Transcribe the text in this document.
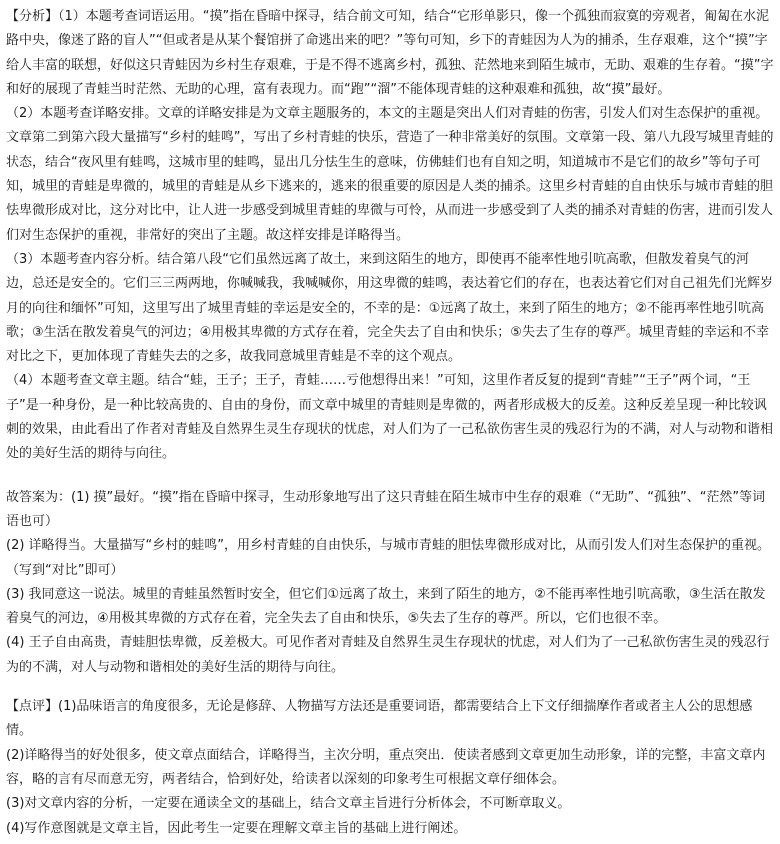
【分析】（1）本题考查词语运用。“摸”指在昏暗中探寻，结合前文可知，结合“它形单影只，像一个孤独而寂寞的旁观者，匍匐在水泥路中央，像迷了路的盲人”“但或者是从某个餐馆拼了命逃出来的吧？”等句可知，乡下的青蛙因为人为的捕杀，生存艰难，这个“摸”字给人丰富的联想，好似这只青蛙因为乡村生存艰难，于是不得不逃离乡村，孤独、茫然地来到陌生城市，无助、艰难的生存着。“摸”字和好的展现了青蛙当时茫然、无助的心理，富有表现力。而“跑”“溜”不能体现青蛙的这种艰难和孤独，故“摸”最好。

（2）本题考查详略安排。文章的详略安排是为文章主题服务的，本文的主题是突出人们对青蛙的伤害，引发人们对生态保护的重视。文章第二到第六段大量描写“乡村的蛙鸣”，写出了乡村青蛙的快乐，营造了一种非常美好的氛围。文章第一段、第八九段写城里青蛙的状态，结合“夜风里有蛙鸣，这城市里的蛙鸣，显出几分怯生生的意味，仿佛蛙们也有自知之明，知道城市不是它们的故乡”等句子可知，城里的青蛙是卑微的，城里的青蛙是从乡下逃来的，逃来的很重要的原因是人类的捕杀。这里乡村青蛙的自由快乐与城市青蛙的胆怯卑微形成对比，这分对比中，让人进一步感受到城里青蛙的卑微与可怜，从而进一步感受到了人类的捕杀对青蛙的伤害，进而引发人们对生态保护的重视，非常好的突出了主题。故这样安排是详略得当。

（3）本题考查内容分析。结合第八段“它们虽然远离了故土，来到这陌生的地方，即使再不能率性地引吭高歌，但散发着臭气的河边，总还是安全的。它们三三两两地，你喊喊我，我喊喊你，用这卑微的蛙鸣，表达着它们的存在，也表达着它们对自己祖先们光辉岁月的向往和缅怀”可知，这里写出了城里青蛙的幸运是安全的，不幸的是：①远离了故土，来到了陌生的地方；②不能再率性地引吭高歌；③生活在散发着臭气的河边；④用极其卑微的方式存在着，完全失去了自由和快乐；⑤失去了生存的尊严。城里青蛙的幸运和不幸对比之下，更加体现了青蛙失去的之多，故我同意城里青蛙是不幸的这个观点。

（4）本题考查文章主题。结合“蛙，王子；王子，青蛙……亏他想得出来！”可知，这里作者反复的提到“青蛙”“王子”两个词，“王子”是一种身份，是一种比较高贵的、自由的身份，而文章中城里的青蛙则是卑微的，两者形成极大的反差。这种反差呈现一种比较讽刺的效果，由此看出了作者对青蛙及自然界生灵生存现状的忧虑，对人们为了一己私欲伤害生灵的残忍行为的不满，对人与动物和谐相处的美好生活的期待与向往。

故答案为：(1) 摸”最好。“摸”指在昏暗中探寻，生动形象地写出了这只青蛙在陌生城市中生存的艰难（“无助”、“孤独”、“茫然”等词语也可）

(2) 详略得当。大量描写“乡村的蛙鸣”，用乡村青蛙的自由快乐，与城市青蛙的胆怯卑微形成对比，从而引发人们对生态保护的重视。（写到“对比”即可）

(3) 我同意这一说法。城里的青蛙虽然暂时安全，但它们①远离了故土，来到了陌生的地方，②不能再率性地引吭高歌，③生活在散发着臭气的河边，④用极其卑微的方式存在着，完全失去了自由和快乐，⑤失去了生存的尊严。所以，它们也很不幸。

(4) 王子自由高贵，青蛙胆怯卑微，反差极大。可见作者对青蛙及自然界生灵生存现状的忧虑，对人们为了一己私欲伤害生灵的残忍行为的不满，对人与动物和谐相处的美好生活的期待与向往。

【点评】(1)品味语言的角度很多，无论是修辞、人物描写方法还是重要词语，都需要结合上下文仔细揣摩作者或者主人公的思想感情。

(2)详略得当的好处很多，使文章点面结合，详略得当，主次分明，重点突出．使读者感到文章更加生动形象，详的完整，丰富文章内容，略的言有尽而意无穷，两者结合，恰到好处，给读者以深刻的印象考生可根据文章仔细体会。

(3)对文章内容的分析，一定要在通读全文的基础上，结合文章主旨进行分析体会，不可断章取义。

(4)写作意图就是文章主旨，因此考生一定要在理解文章主旨的基础上进行阐述。
